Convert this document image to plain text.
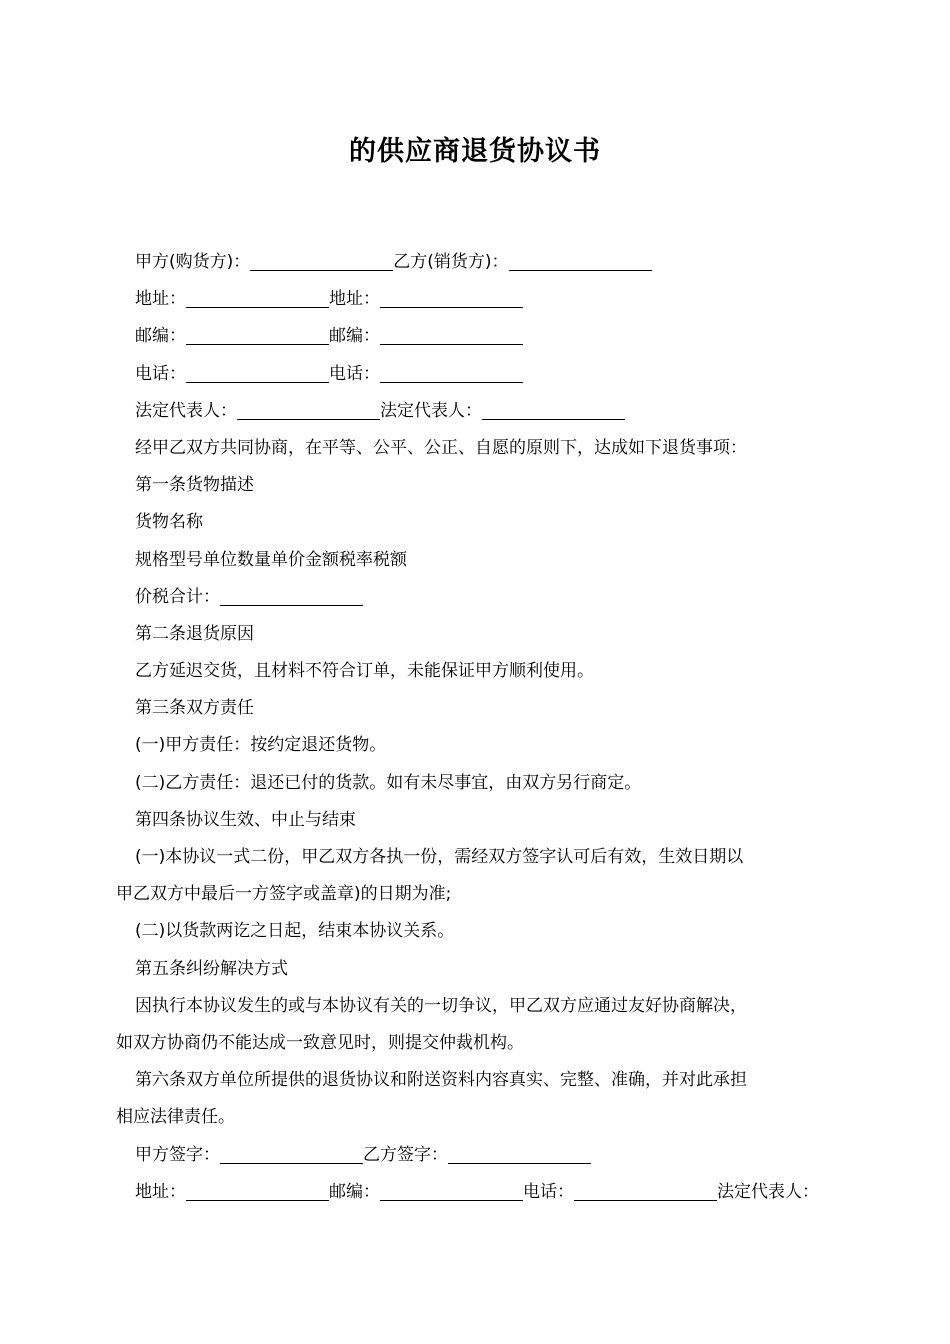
的供应商退货协议书
甲方(购货方)：	乙方(销货方)：
地址：	地址：
邮编：	邮编：
电话：	电话：
法定代表人：	法定代表人：
经甲乙双方共同协商，在平等、公平、公正、自愿的原则下，达成如下退货事项：
第一条货物描述
货物名称
规格型号单位数量单价金额税率税额
价税合计：
第二条退货原因
乙方延迟交货，且材料不符合订单，未能保证甲方顺利使用。
第三条双方责任
(一)甲方责任：按约定退还货物。
(二)乙方责任：退还已付的货款。如有未尽事宜，由双方另行商定。
第四条协议生效、中止与结束
(一)本协议一式二份，甲乙双方各执一份，需经双方签字认可后有效，生效日期以
甲乙双方中最后一方签字或盖章)的日期为准;
(二)以货款两讫之日起，结束本协议关系。
第五条纠纷解决方式
因执行本协议发生的或与本协议有关的一切争议，甲乙双方应通过友好协商解决，
如双方协商仍不能达成一致意见时，则提交仲裁机构。
第六条双方单位所提供的退货协议和附送资料内容真实、完整、准确，并对此承担
相应法律责任。
甲方签字：	乙方签字：
地址：	邮编：	电话：	法定代表人：
